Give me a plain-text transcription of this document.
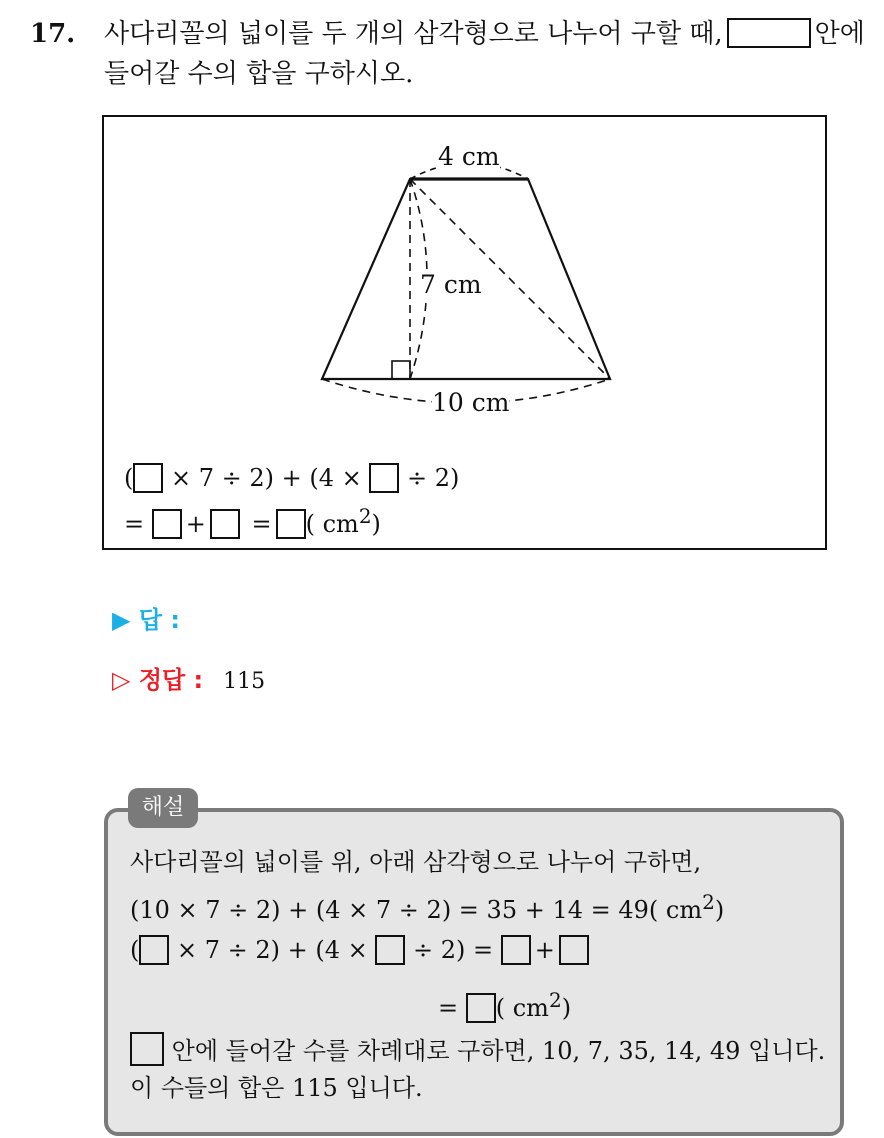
17. 사다리꼴의 넓이를 두 개의 삼각형으로 나누어 구할 때,	안에
들어갈 수의 합을 구하시오.
4 cm
7 cm
10 cm
( × 7 ÷ 2) + (4 × ÷ 2)
= + = ( $cm^2$)
▶ 답 :
▷ 정답 : 115
해설
사다리꼴의 넓이를 위, 아래 삼각형으로 나누어 구하면,
(10 × 7 ÷ 2) + (4 × 7 ÷ 2) = 35 + 14 = 49( $cm^2$)
( × 7 ÷ 2) + (4 × ÷ 2) = +
= ( $cm^2$)
안에 들어갈 수를 차례대로 구하면, 10, 7, 35, 14, 49 입니다.
이 수들의 합은 115 입니다.
